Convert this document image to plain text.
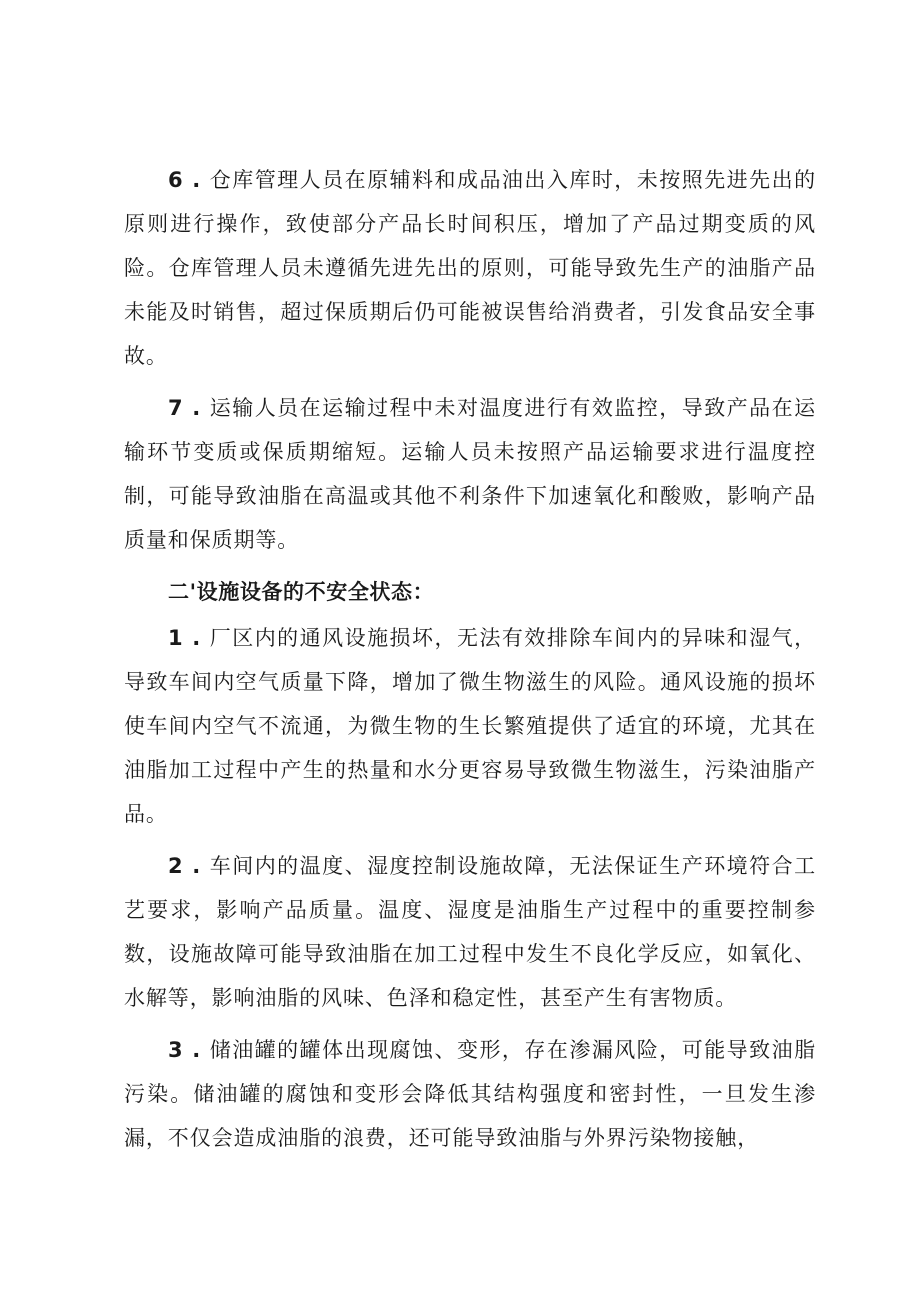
6 . 仓库管理人员在原辅料和成品油出入库时，未按照先进先出的原则进行操作，致使部分产品长时间积压，增加了产品过期变质的风险。仓库管理人员未遵循先进先出的原则，可能导致先生产的油脂产品未能及时销售，超过保质期后仍可能被误售给消费者，引发食品安全事故。

7 . 运输人员在运输过程中未对温度进行有效监控，导致产品在运输环节变质或保质期缩短。运输人员未按照产品运输要求进行温度控制，可能导致油脂在高温或其他不利条件下加速氧化和酸败，影响产品质量和保质期等。

二'设施设备的不安全状态：

1 . 厂区内的通风设施损坏，无法有效排除车间内的异味和湿气，导致车间内空气质量下降，增加了微生物滋生的风险。通风设施的损坏使车间内空气不流通，为微生物的生长繁殖提供了适宜的环境，尤其在油脂加工过程中产生的热量和水分更容易导致微生物滋生，污染油脂产品。

2 . 车间内的温度、湿度控制设施故障，无法保证生产环境符合工艺要求，影响产品质量。温度、湿度是油脂生产过程中的重要控制参数，设施故障可能导致油脂在加工过程中发生不良化学反应，如氧化、水解等，影响油脂的风味、色泽和稳定性，甚至产生有害物质。

3 . 储油罐的罐体出现腐蚀、变形，存在渗漏风险，可能导致油脂污染。储油罐的腐蚀和变形会降低其结构强度和密封性，一旦发生渗漏，不仅会造成油脂的浪费，还可能导致油脂与外界污染物接触，
